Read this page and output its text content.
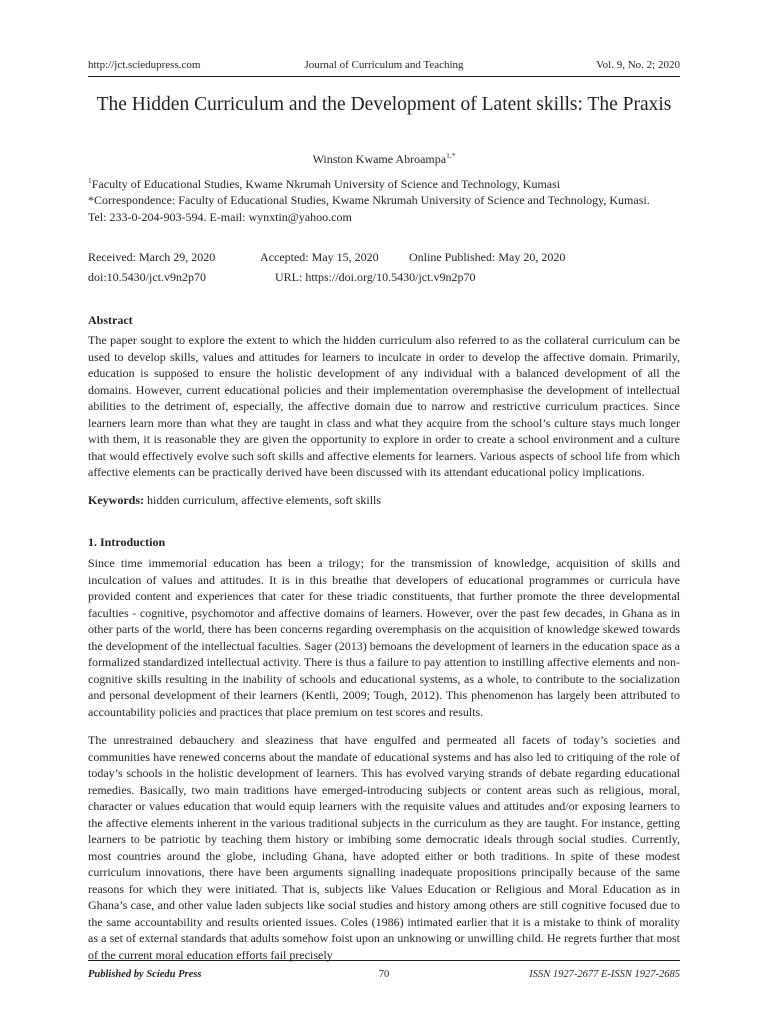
Journal of Curriculum and Teaching
http://jct.sciedupress.com	Vol. 9, No. 2; 2020
The Hidden Curriculum and the Development of Latent skills: The Praxis
Winston Kwame Abroampa$^{1,*}$
$^1$Faculty of Educational Studies, Kwame Nkrumah University of Science and Technology, Kumasi
*Correspondence: Faculty of Educational Studies, Kwame Nkrumah University of Science and Technology, Kumasi.
Tel: 233-0-204-903-594. E-mail: wynxtin@yahoo.com
Received: March 29, 2020	Accepted: May 15, 2020	Online Published: May 20, 2020
doi:10.5430/jct.v9n2p70	URL: https://doi.org/10.5430/jct.v9n2p70
Abstract

The paper sought to explore the extent to which the hidden curriculum also referred to as the collateral curriculum can be used to develop skills, values and attitudes for learners to inculcate in order to develop the affective domain. Primarily, education is supposed to ensure the holistic development of any individual with a balanced development of all the domains. However, current educational policies and their implementation overemphasise the development of intellectual abilities to the detriment of, especially, the affective domain due to narrow and restrictive curriculum practices. Since learners learn more than what they are taught in class and what they acquire from the school’s culture stays much longer with them, it is reasonable they are given the opportunity to explore in order to create a school environment and a culture that would effectively evolve such soft skills and affective elements for learners. Various aspects of school life from which affective elements can be practically derived have been discussed with its attendant educational policy implications.

Keywords: hidden curriculum, affective elements, soft skills
1. Introduction

Since time immemorial education has been a trilogy; for the transmission of knowledge, acquisition of skills and inculcation of values and attitudes. It is in this breathe that developers of educational programmes or curricula have provided content and experiences that cater for these triadic constituents, that further promote the three developmental faculties - cognitive, psychomotor and affective domains of learners. However, over the past few decades, in Ghana as in other parts of the world, there has been concerns regarding overemphasis on the acquisition of knowledge skewed towards the development of the intellectual faculties. Sager (2013) bemoans the development of learners in the education space as a formalized standardized intellectual activity. There is thus a failure to pay attention to instilling affective elements and non-cognitive skills resulting in the inability of schools and educational systems, as a whole, to contribute to the socialization and personal development of their learners (Kentli, 2009; Tough, 2012). This phenomenon has largely been attributed to accountability policies and practices that place premium on test scores and results.

The unrestrained debauchery and sleaziness that have engulfed and permeated all facets of today’s societies and communities have renewed concerns about the mandate of educational systems and has also led to critiquing of the role of today’s schools in the holistic development of learners. This has evolved varying strands of debate regarding educational remedies. Basically, two main traditions have emerged-introducing subjects or content areas such as religious, moral, character or values education that would equip learners with the requisite values and attitudes and/or exposing learners to the affective elements inherent in the various traditional subjects in the curriculum as they are taught. For instance, getting learners to be patriotic by teaching them history or imbibing some democratic ideals through social studies. Currently, most countries around the globe, including Ghana, have adopted either or both traditions. In spite of these modest curriculum innovations, there have been arguments signalling inadequate propositions principally because of the same reasons for which they were initiated. That is, subjects like Values Education or Religious and Moral Education as in Ghana’s case, and other value laden subjects like social studies and history among others are still cognitive focused due to the same accountability and results oriented issues. Coles (1986) intimated earlier that it is a mistake to think of morality as a set of external standards that adults somehow foist upon an unknowing or unwilling child. He regrets further that most of the current moral education efforts fail precisely

70
Published by Sciedu Press	ISSN 1927-2677 E-ISSN 1927-2685
